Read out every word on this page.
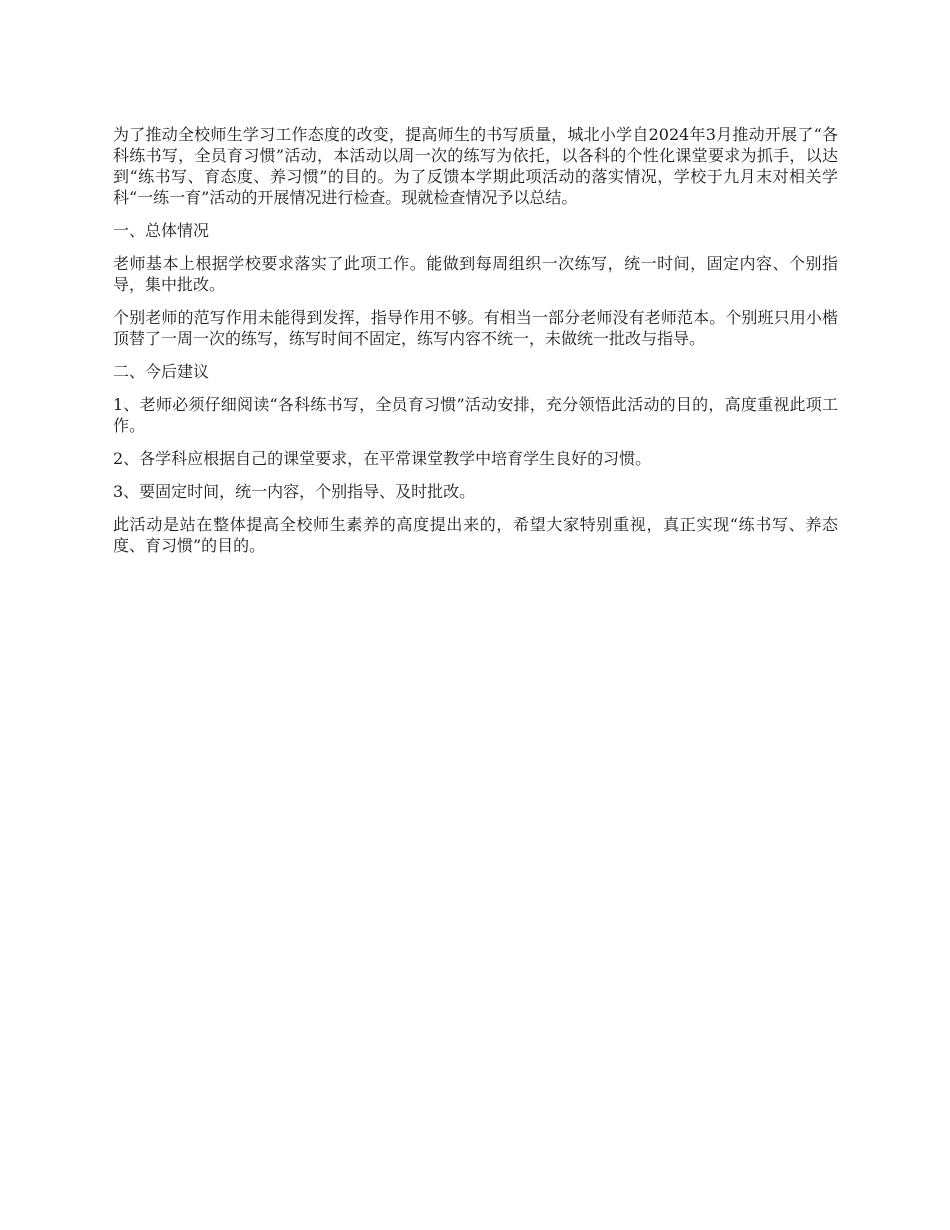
为了推动全校师生学习工作态度的改变，提高师生的书写质量，城北小学自2024年3月推动开展了“各科练书写，全员育习惯”活动，本活动以周一次的练写为依托，以各科的个性化课堂要求为抓手，以达到“练书写、育态度、养习惯”的目的。为了反馈本学期此项活动的落实情况，学校于九月末对相关学科“一练一育”活动的开展情况进行检查。现就检查情况予以总结。

一、总体情况

老师基本上根据学校要求落实了此项工作。能做到每周组织一次练写，统一时间，固定内容、个别指导，集中批改。

个别老师的范写作用未能得到发挥，指导作用不够。有相当一部分老师没有老师范本。个别班只用小楷顶替了一周一次的练写，练写时间不固定，练写内容不统一，未做统一批改与指导。

二、今后建议

1、老师必须仔细阅读“各科练书写，全员育习惯”活动安排，充分领悟此活动的目的，高度重视此项工作。

2、各学科应根据自己的课堂要求，在平常课堂教学中培育学生良好的习惯。

3、要固定时间，统一内容，个别指导、及时批改。

此活动是站在整体提高全校师生素养的高度提出来的，希望大家特别重视，真正实现“练书写、养态度、育习惯”的目的。
